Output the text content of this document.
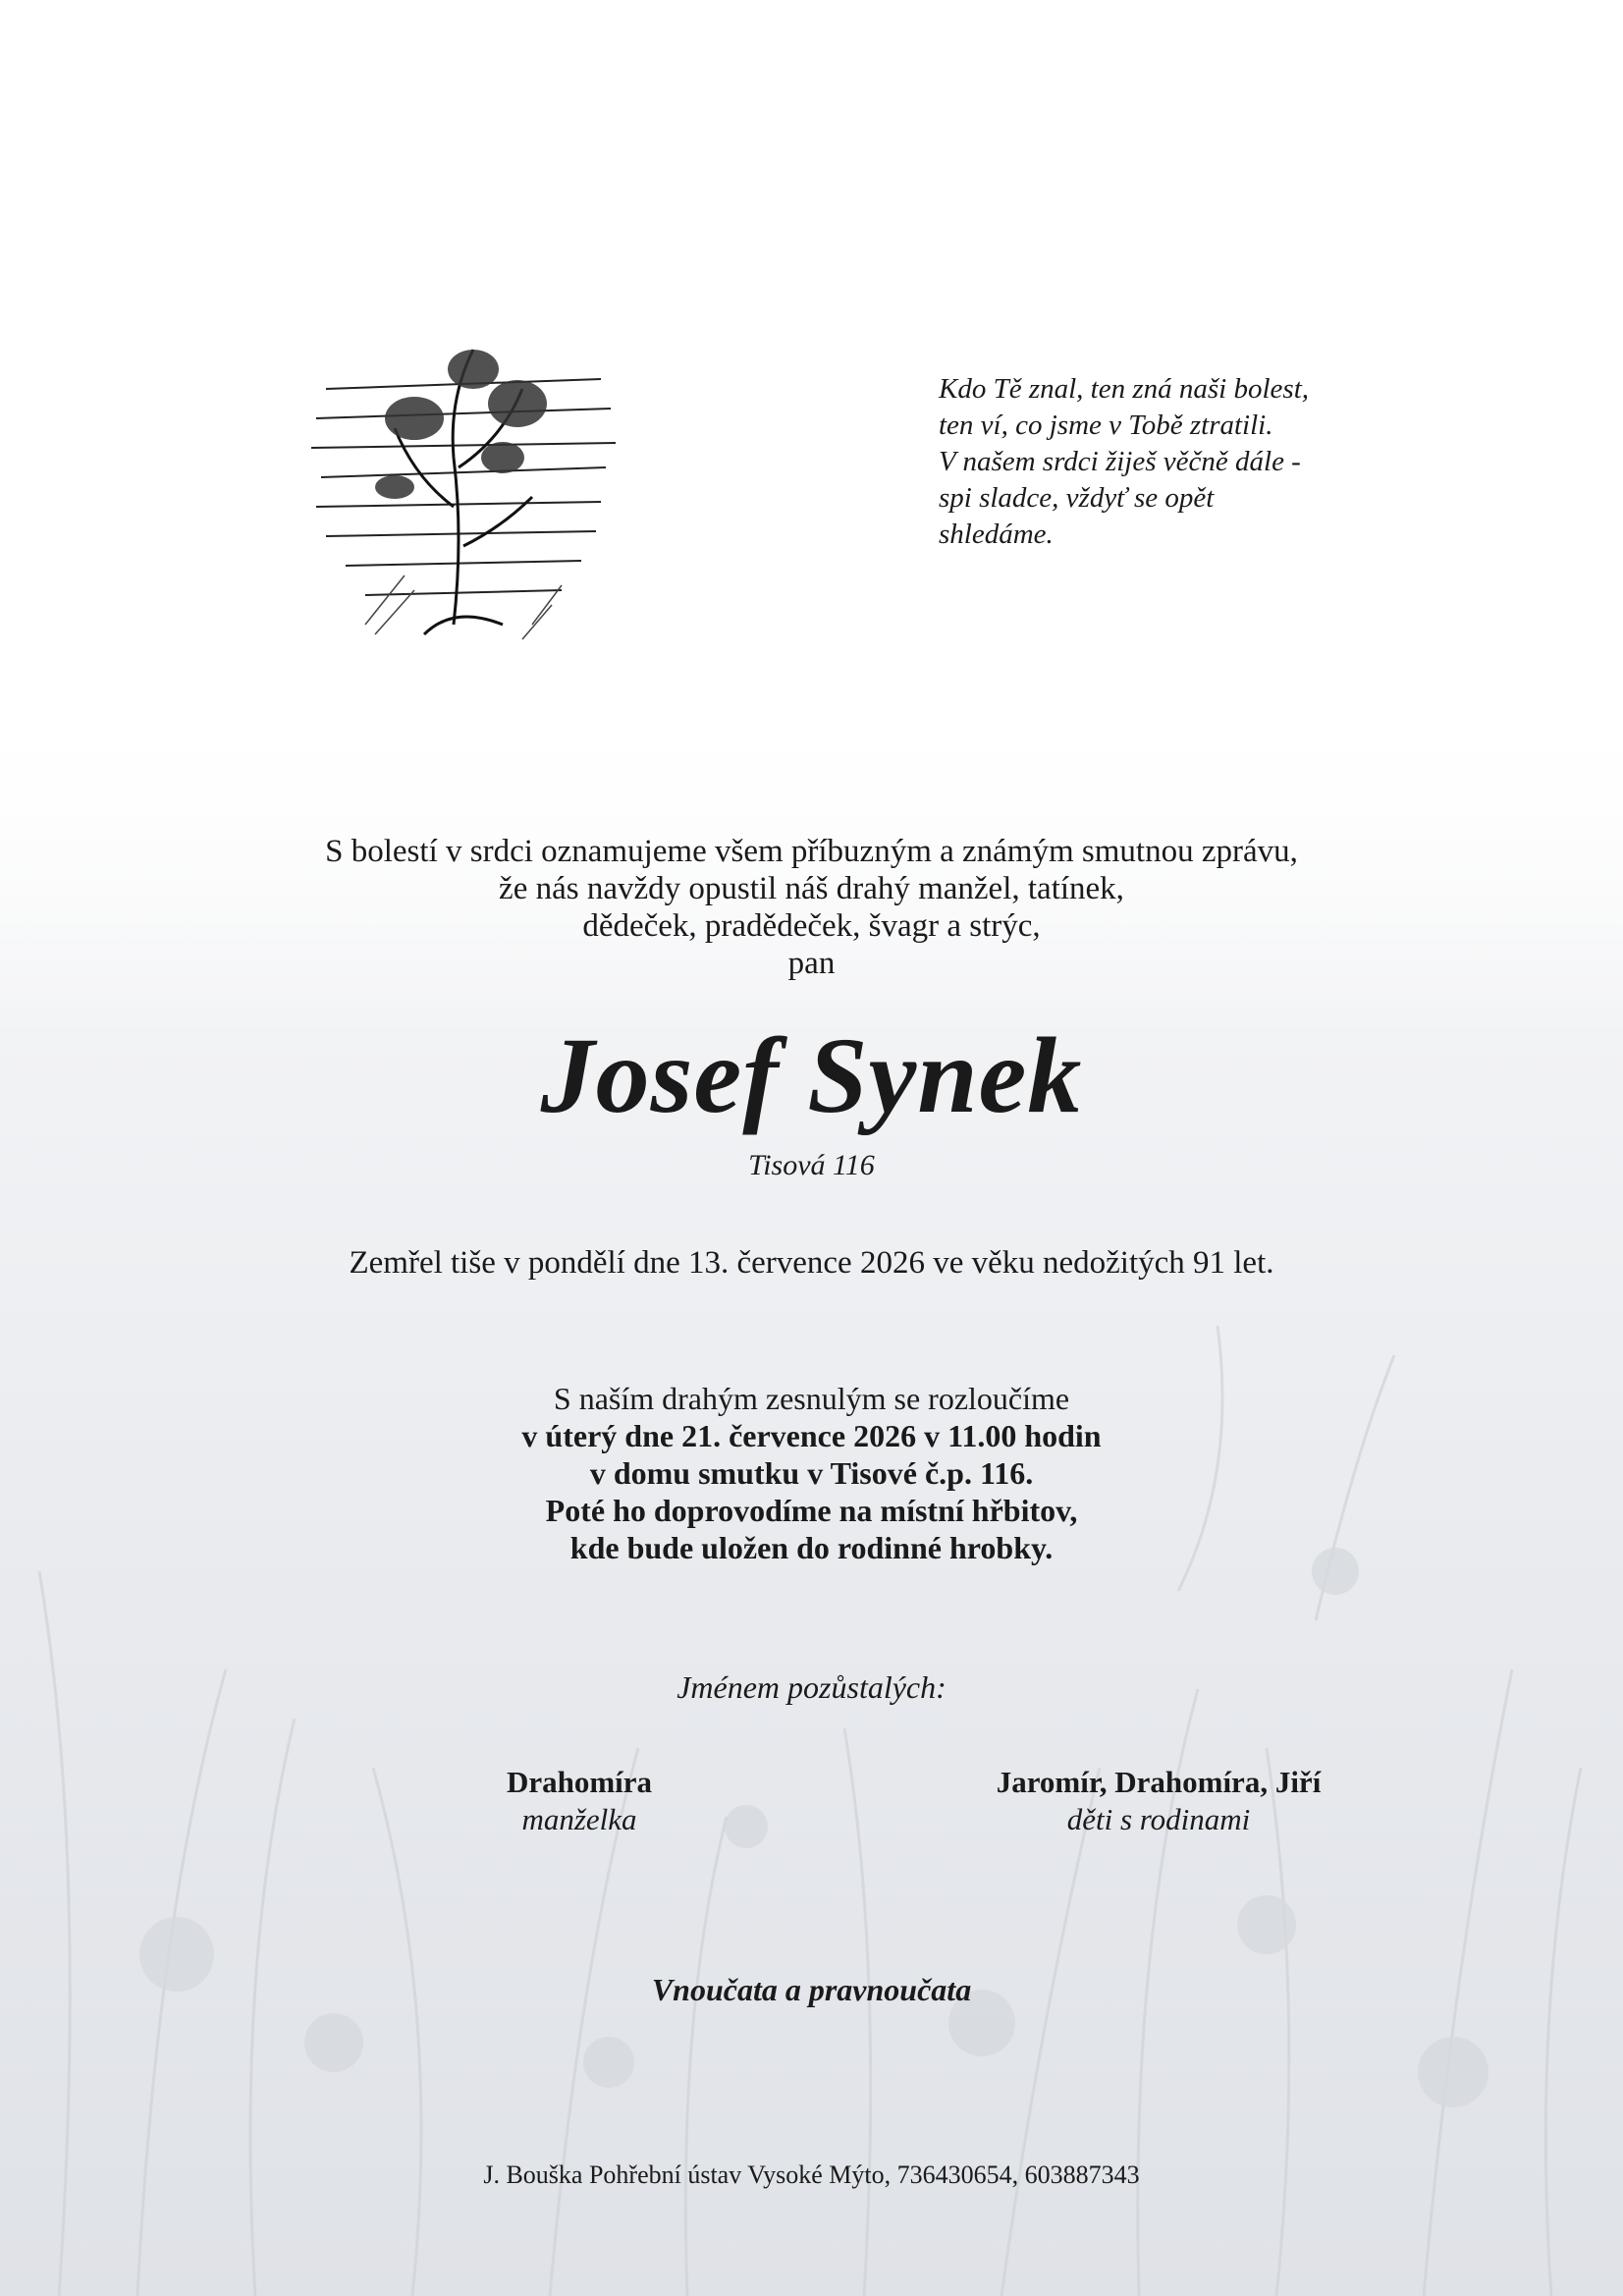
Kdo Tě znal, ten zná naši bolest,
ten ví, co jsme v Tobě ztratili.
V našem srdci žiješ věčně dále -
spi sladce, vždyť se opět
shledáme.
S bolestí v srdci oznamujeme všem příbuzným a známým smutnou zprávu,
že nás navždy opustil náš drahý manžel, tatínek,
dědeček, pradědeček, švagr a strýc,
pan
Josef Synek
Tisová 116
Zemřel tiše v pondělí dne 13. července 2026 ve věku nedožitých 91 let.
S naším drahým zesnulým se rozloučíme
v úterý dne 21. července 2026 v 11.00 hodin
v domu smutku v Tisové č.p. 116.
Poté ho doprovodíme na místní hřbitov,
kde bude uložen do rodinné hrobky.
Jménem pozůstalých:
Drahomíra
manželka
Jaromír, Drahomíra, Jiří
děti s rodinami
Vnoučata a pravnoučata
J. Bouška Pohřební ústav Vysoké Mýto, 736430654, 603887343
